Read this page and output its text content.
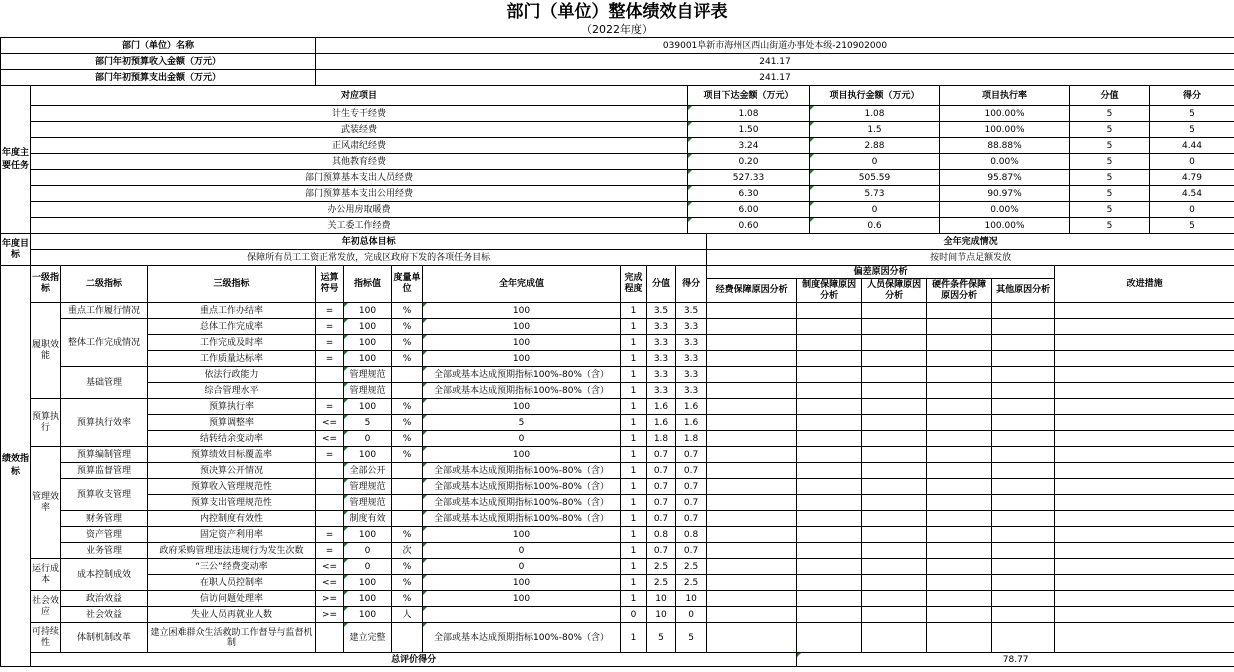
部门（单位）整体绩效自评表
（2022年度）
部门（单位）名称	039001阜新市海州区西山街道办事处本级-210902000
部门年初预算收入金额（万元）	241.17
部门年初预算支出金额（万元）	241.17
年度主要任务	对应项目	项目下达金额（万元）	项目执行金额（万元）	项目执行率	分值	得分
	计生专干经费	1.08	1.08	100.00%	5	5
	武装经费	1.50	1.5	100.00%	5	5
	正风肃纪经费	3.24	2.88	88.88%	5	4.44
	其他教育经费	0.20	0	0.00%	5	0
	部门预算基本支出人员经费	527.33	505.59	95.87%	5	4.79
	部门预算基本支出公用经费	6.30	5.73	90.97%	5	4.54
	办公用房取暖费	6.00	0	0.00%	5	0
	关工委工作经费	0.60	0.6	100.00%	5	5
年度目标	年初总体目标										全年完成情况					
	保障所有员工工资正常发放，完成区政府下发的各项任务目标										按时间节点足额发放					
绩效指标	一级指标	二级指标	三级指标	运算符号	指标值	度量单位	全年完成值	完成程度	分值	得分	偏差原因分析					改进措施
											经费保障原因分析	制度保障原因分析	人员保障原因分析	硬件条件保障原因分析	其他原因分析	
	履职效能	重点工作履行情况	重点工作办结率	=	100	%	100	1	3.5	3.5						
		整体工作完成情况	总体工作完成率	=	100	%	100	1	3.3	3.3						
			工作完成及时率	=	100	%	100	1	3.3	3.3						
			工作质量达标率	=	100	%	100	1	3.3	3.3						
		基础管理	依法行政能力		管理规范		全部或基本达成预期指标100%-80%（含）	1	3.3	3.3						
			综合管理水平		管理规范		全部或基本达成预期指标100%-80%（含）	1	3.3	3.3						
	预算执行	预算执行效率	预算执行率	=	100	%	100	1	1.6	1.6						
			预算调整率	<=	5	%	5	1	1.6	1.6						
			结转结余变动率	<=	0	%	0	1	1.8	1.8						
	管理效率	预算编制管理	预算绩效目标覆盖率	=	100	%	100	1	0.7	0.7						
		预算监督管理	预决算公开情况		全部公开		全部或基本达成预期指标100%-80%（含）	1	0.7	0.7						
		预算收支管理	预算收入管理规范性		管理规范		全部或基本达成预期指标100%-80%（含）	1	0.7	0.7						
			预算支出管理规范性		管理规范		全部或基本达成预期指标100%-80%（含）	1	0.7	0.7						
		财务管理	内控制度有效性		制度有效		全部或基本达成预期指标100%-80%（含）	1	0.7	0.7						
		资产管理	固定资产利用率	=	100	%	100	1	0.8	0.8						
		业务管理	政府采购管理违法违规行为发生次数	=	0	次	0	1	0.7	0.7						
	运行成本	成本控制成效	“三公”经费变动率	<=	0	%	0	1	2.5	2.5						
			在职人员控制率	<=	100	%	100	1	2.5	2.5						
	社会效应	政治效益	信访问题处理率	>=	100	%	100	1	10	10						
		社会效益	失业人员再就业人数	>=	100	人		0	10	0						
	可持续性	体制机制改革	建立困难群众生活救助工作督导与监督机制		建立完整		全部或基本达成预期指标100%-80%（含）	1	5	5						
	总评价得分											78.77				
